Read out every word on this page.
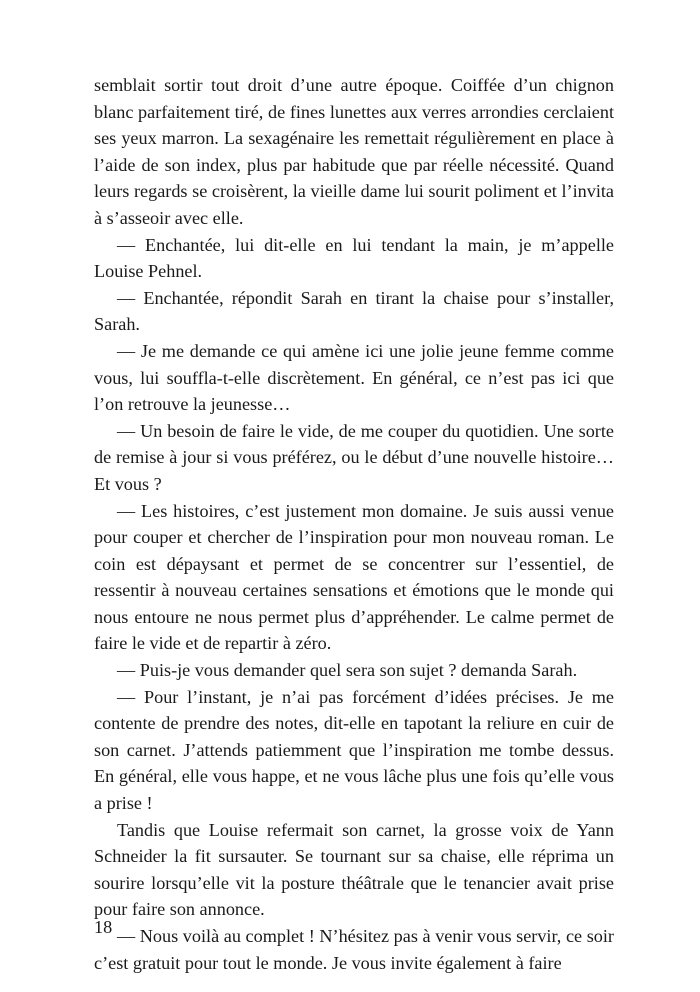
semblait sortir tout droit d’une autre époque. Coiffée d’un chignon blanc parfaitement tiré, de fines lunettes aux verres arrondies cerclaient ses yeux marron. La sexagénaire les remettait régulièrement en place à l’aide de son index, plus par habitude que par réelle nécessité. Quand leurs regards se croisèrent, la vieille dame lui sourit poliment et l’invita à s’asseoir avec elle.

— Enchantée, lui dit-elle en lui tendant la main, je m’appelle Louise Pehnel.

— Enchantée, répondit Sarah en tirant la chaise pour s’installer, Sarah.

— Je me demande ce qui amène ici une jolie jeune femme comme vous, lui souffla-t-elle discrètement. En général, ce n’est pas ici que l’on retrouve la jeunesse…

— Un besoin de faire le vide, de me couper du quotidien. Une sorte de remise à jour si vous préférez, ou le début d’une nouvelle histoire… Et vous ?

— Les histoires, c’est justement mon domaine. Je suis aussi venue pour couper et chercher de l’inspiration pour mon nouveau roman. Le coin est dépaysant et permet de se concentrer sur l’essentiel, de ressentir à nouveau certaines sensations et émotions que le monde qui nous entoure ne nous permet plus d’appréhender. Le calme permet de faire le vide et de repartir à zéro.

— Puis-je vous demander quel sera son sujet ? demanda Sarah.

— Pour l’instant, je n’ai pas forcément d’idées précises. Je me contente de prendre des notes, dit-elle en tapotant la reliure en cuir de son carnet. J’attends patiemment que l’inspiration me tombe dessus. En général, elle vous happe, et ne vous lâche plus une fois qu’elle vous a prise !

Tandis que Louise refermait son carnet, la grosse voix de Yann Schneider la fit sursauter. Se tournant sur sa chaise, elle réprima un sourire lorsqu’elle vit la posture théâtrale que le tenancier avait prise pour faire son annonce.

— Nous voilà au complet ! N’hésitez pas à venir vous servir, ce soir c’est gratuit pour tout le monde. Je vous invite également à faire

18
